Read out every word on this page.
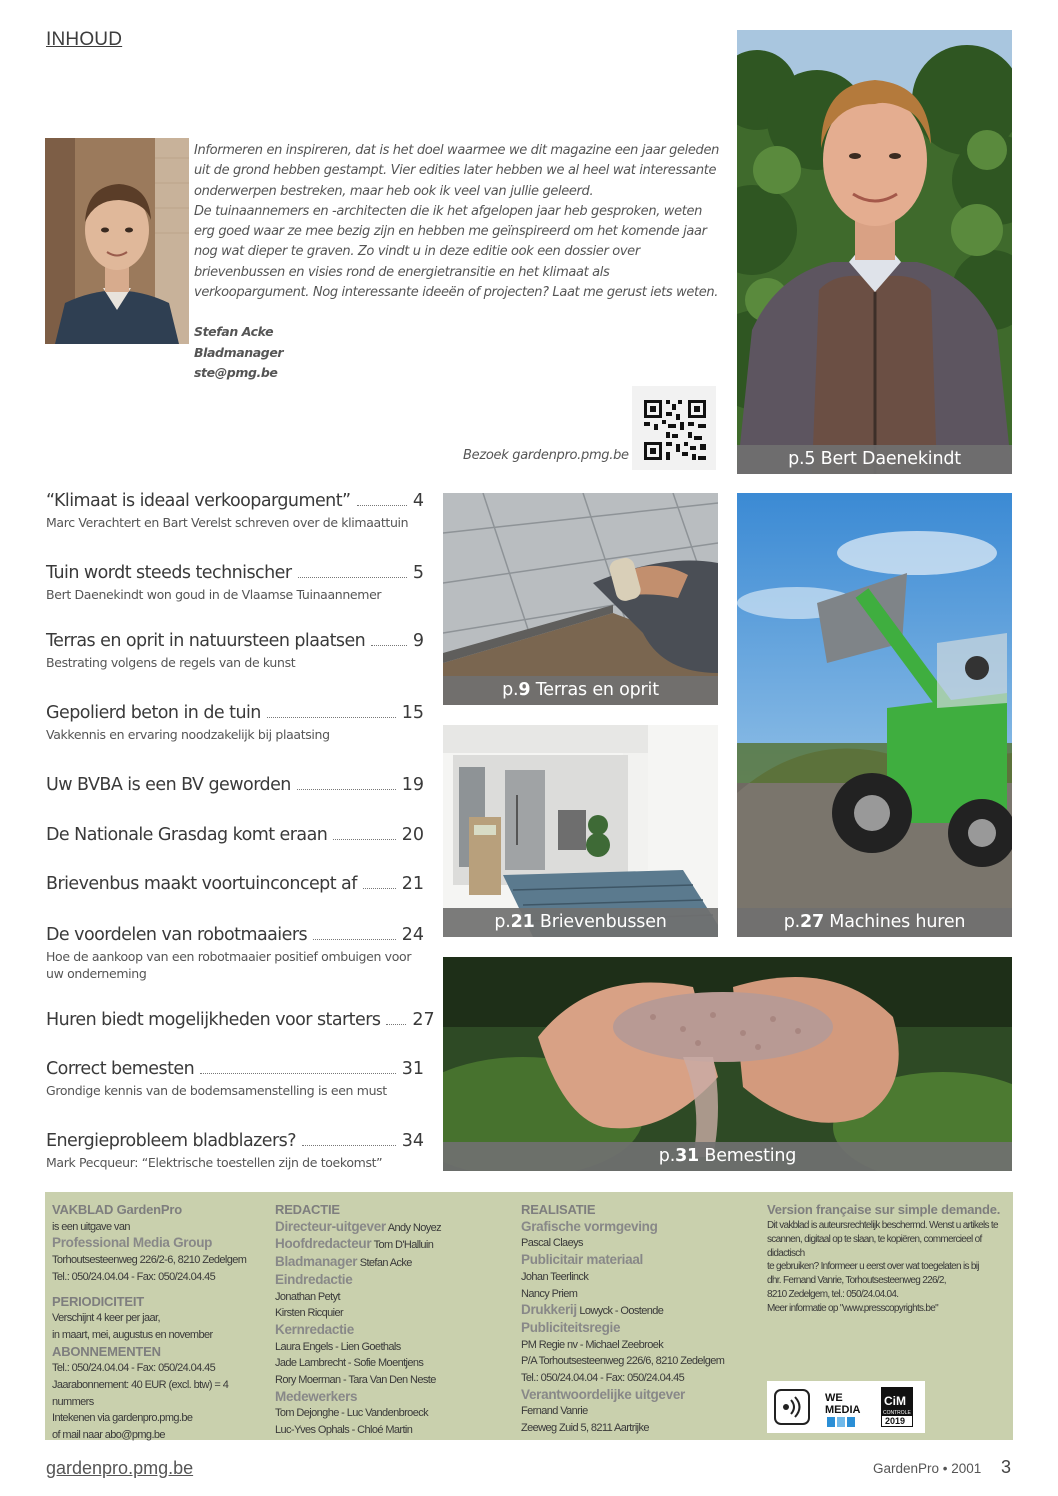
INHOUD

Informeren en inspireren, dat is het doel waarmee we dit magazine een jaar geleden uit de grond hebben gestampt. Vier edities later hebben we al heel wat interessante onderwerpen bestreken, maar heb ook ik veel van jullie geleerd.

De tuinaannemers en -architecten die ik het afgelopen jaar heb gesproken, weten erg goed waar ze mee bezig zijn en hebben me geïnspireerd om het komende jaar nog wat dieper te graven. Zo vindt u in deze editie ook een dossier over brievenbussen en visies rond de energietransitie en het klimaat als verkoopargument. Nog interessante ideeën of projecten? Laat me gerust iets weten.

Stefan Acke
Bladmanager
ste@pmg.be
Bezoek gardenpro.pmg.be	p.5 Bert Daenekindt
p.9 Terras en oprit
p.27 Machines huren
p.21 Brievenbussen
p.31 Bemesting
“Klimaat is ideaal verkoopargument”	4
Marc Verachtert en Bart Verelst schreven over de klimaattuin
Tuin wordt steeds technischer	5
Bert Daenekindt won goud in de Vlaamse Tuinaannemer
Terras en oprit in natuursteen plaatsen	9
Bestrating volgens de regels van de kunst
Gepolierd beton in de tuin	15
Vakkennis en ervaring noodzakelijk bij plaatsing
Uw BVBA is een BV geworden	19
De Nationale Grasdag komt eraan	20
Brievenbus maakt voortuinconcept af	21
De voordelen van robotmaaiers	24
Hoe de aankoop van een robotmaaier positief ombuigen voor uw onderneming
Huren biedt mogelijkheden voor starters 27
Correct bemesten	31
Grondige kennis van de bodemsamenstelling is een must
Energieprobleem bladblazers?	34
Mark Pecqueur: “Elektrische toestellen zijn de toekomst”
VAKBLAD GardenPro
is een uitgave van
Professional Media Group
Torhoutsesteenweg 226/2-6, 8210 Zedelgem
Tel.: 050/24.04.04 - Fax: 050/24.04.45
PERIODICITEIT
Verschijnt 4 keer per jaar,
in maart, mei, augustus en november
ABONNEMENTEN
Tel.: 050/24.04.04 - Fax: 050/24.04.45
Jaarabonnement: 40 EUR (excl. btw) = 4 nummers
Intekenen via gardenpro.pmg.be
of mail naar abo@pmg.be
REDACTIE
Directeur-uitgever Andy Noyez
Hoofdredacteur Tom D'Halluin
Bladmanager Stefan Acke
Eindredactie
Jonathan Petyt
Kirsten Ricquier
Kernredactie
Laura Engels - Lien Goethals
Jade Lambrecht - Sofie Moentjens
Rory Moerman - Tara Van Den Neste
Medewerkers
Tom Dejonghe - Luc Vandenbroeck
Luc-Yves Ophals - Chloé Martin
REALISATIE
Grafische vormgeving
Pascal Claeys
Publicitair materiaal
Johan Teerlinck
Nancy Priem
Drukkerij Lowyck - Oostende
Publiciteitsregie
PM Regie nv - Michael Zeebroek
P/A Torhoutsesteenweg 226/6, 8210 Zedelgem
Tel.: 050/24.04.04 - Fax: 050/24.04.45
Verantwoordelijke uitgever
Fernand Vanrie
Zeeweg Zuid 5, 8211 Aartrijke
Version française sur simple demande.
Dit vakblad is auteursrechtelijk beschermd. Wenst u artikels te
scannen, digitaal op te slaan, te kopiëren, commercieel of didactisch
te gebruiken? Informeer u eerst over wat toegelaten is bij
dhr. Fernand Vanrie, Torhoutsesteenweg 226/2,
8210 Zedelgem, tel.: 050/24.04.04.
Meer informatie op "www.presscopyrights.be"
WE
MEDIA
CiM
CONTROLE
2019
gardenpro.pmg.be	GardenPro • 2001 3
